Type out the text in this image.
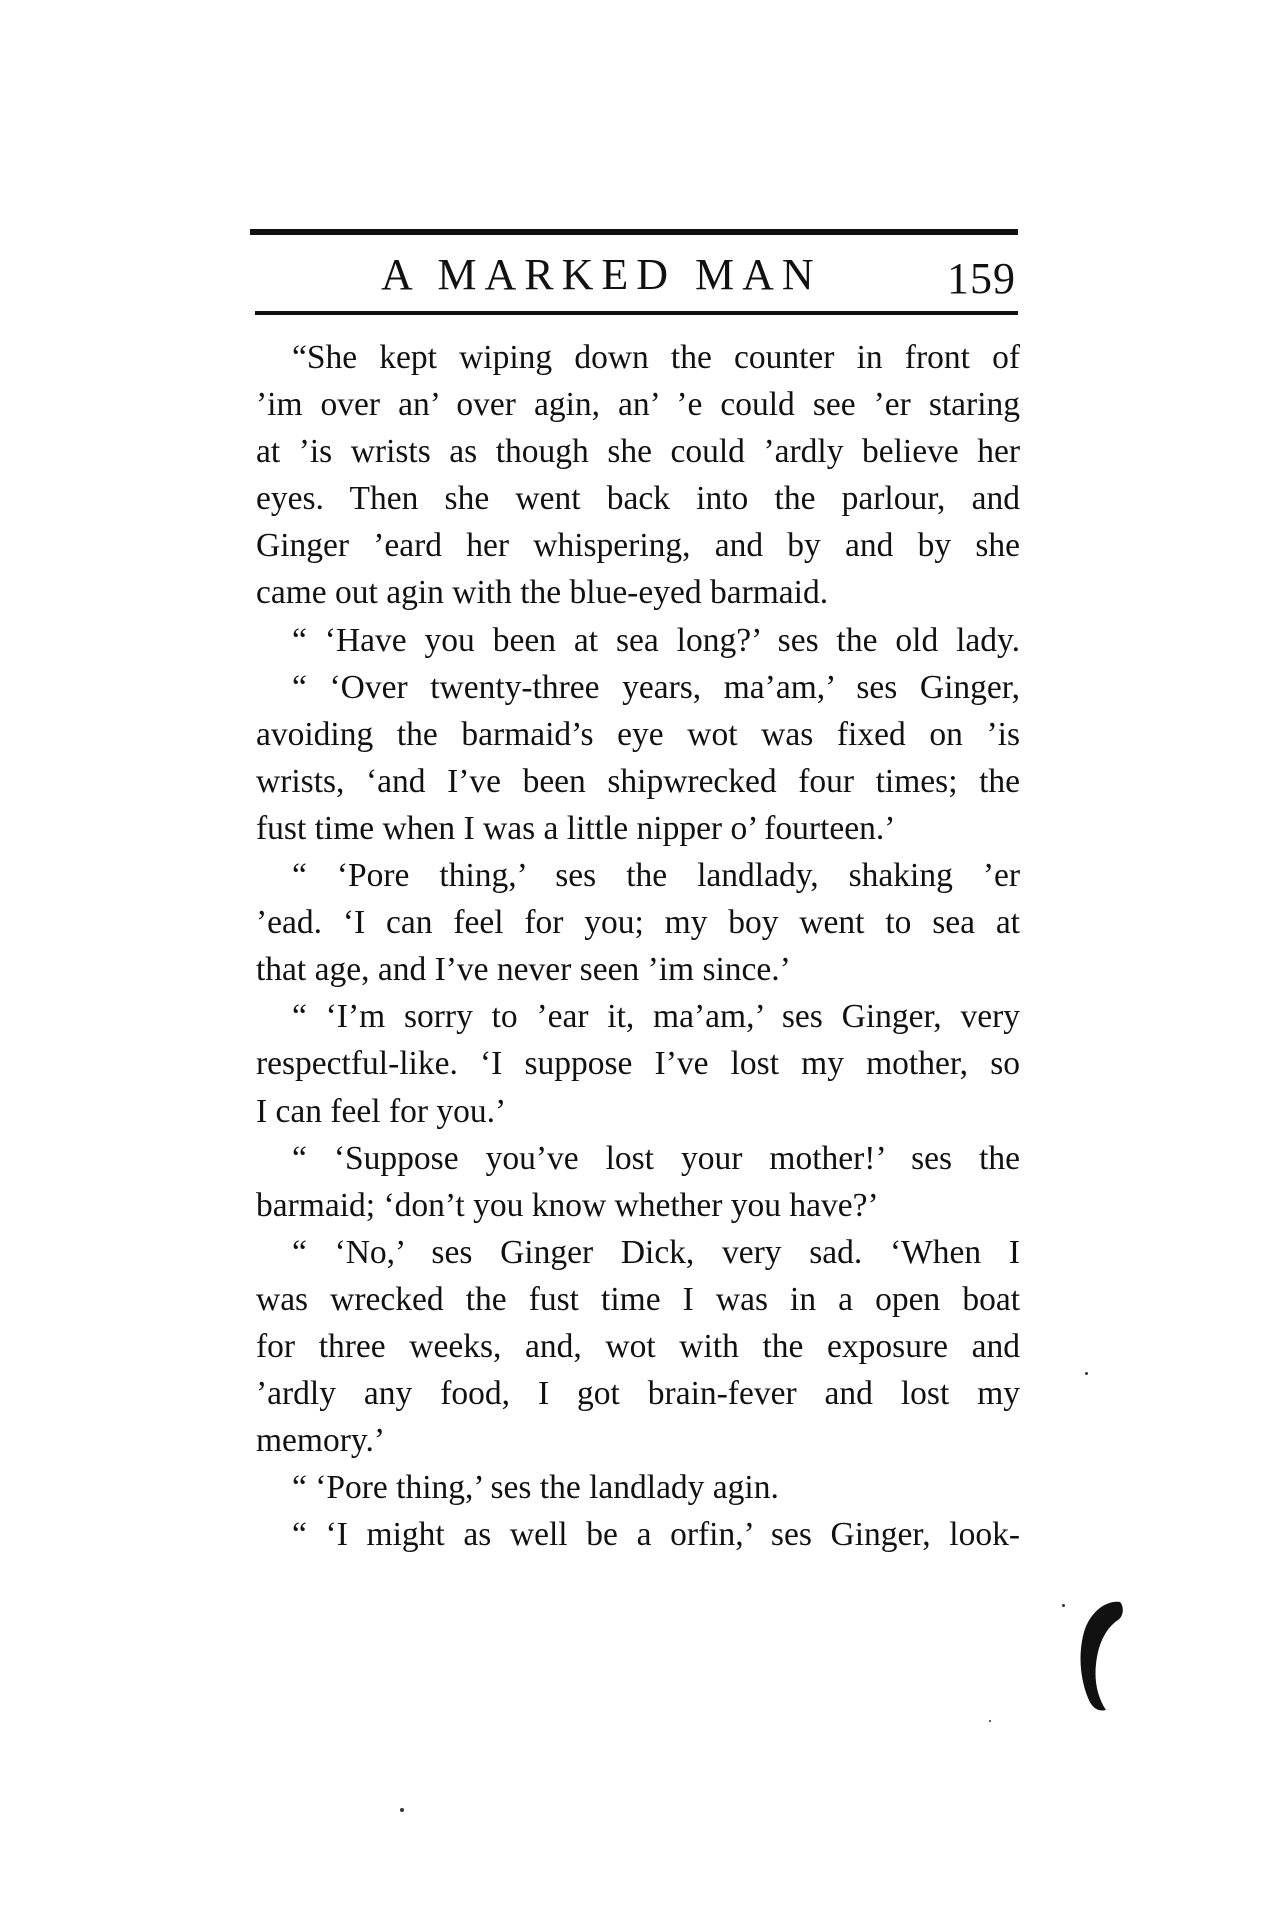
A MARKED MAN	159
“She kept wiping down the counter in front of
’im over an’ over agin, an’ ’e could see ’er staring
at ’is wrists as though she could ’ardly believe her
eyes. Then she went back into the parlour, and
Ginger ’eard her whispering, and by and by she
came out agin with the blue-eyed barmaid.
“ ‘Have you been at sea long?’ ses the old lady.
“ ‘Over twenty-three years, ma’am,’ ses Ginger,
avoiding the barmaid’s eye wot was fixed on ’is
wrists, ‘and I’ve been shipwrecked four times; the
fust time when I was a little nipper o’ fourteen.’
“ ‘Pore thing,’ ses the landlady, shaking ’er
’ead. ‘I can feel for you; my boy went to sea at
that age, and I’ve never seen ’im since.’
“ ‘I’m sorry to ’ear it, ma’am,’ ses Ginger, very
respectful-like. ‘I suppose I’ve lost my mother, so
I can feel for you.’
“ ‘Suppose you’ve lost your mother!’ ses the
barmaid; ‘don’t you know whether you have?’
“ ‘No,’ ses Ginger Dick, very sad. ‘When I
was wrecked the fust time I was in a open boat
for three weeks, and, wot with the exposure and
’ardly any food, I got brain-fever and lost my
memory.’
“ ‘Pore thing,’ ses the landlady agin.
“ ‘I might as well be a orfin,’ ses Ginger, look-
